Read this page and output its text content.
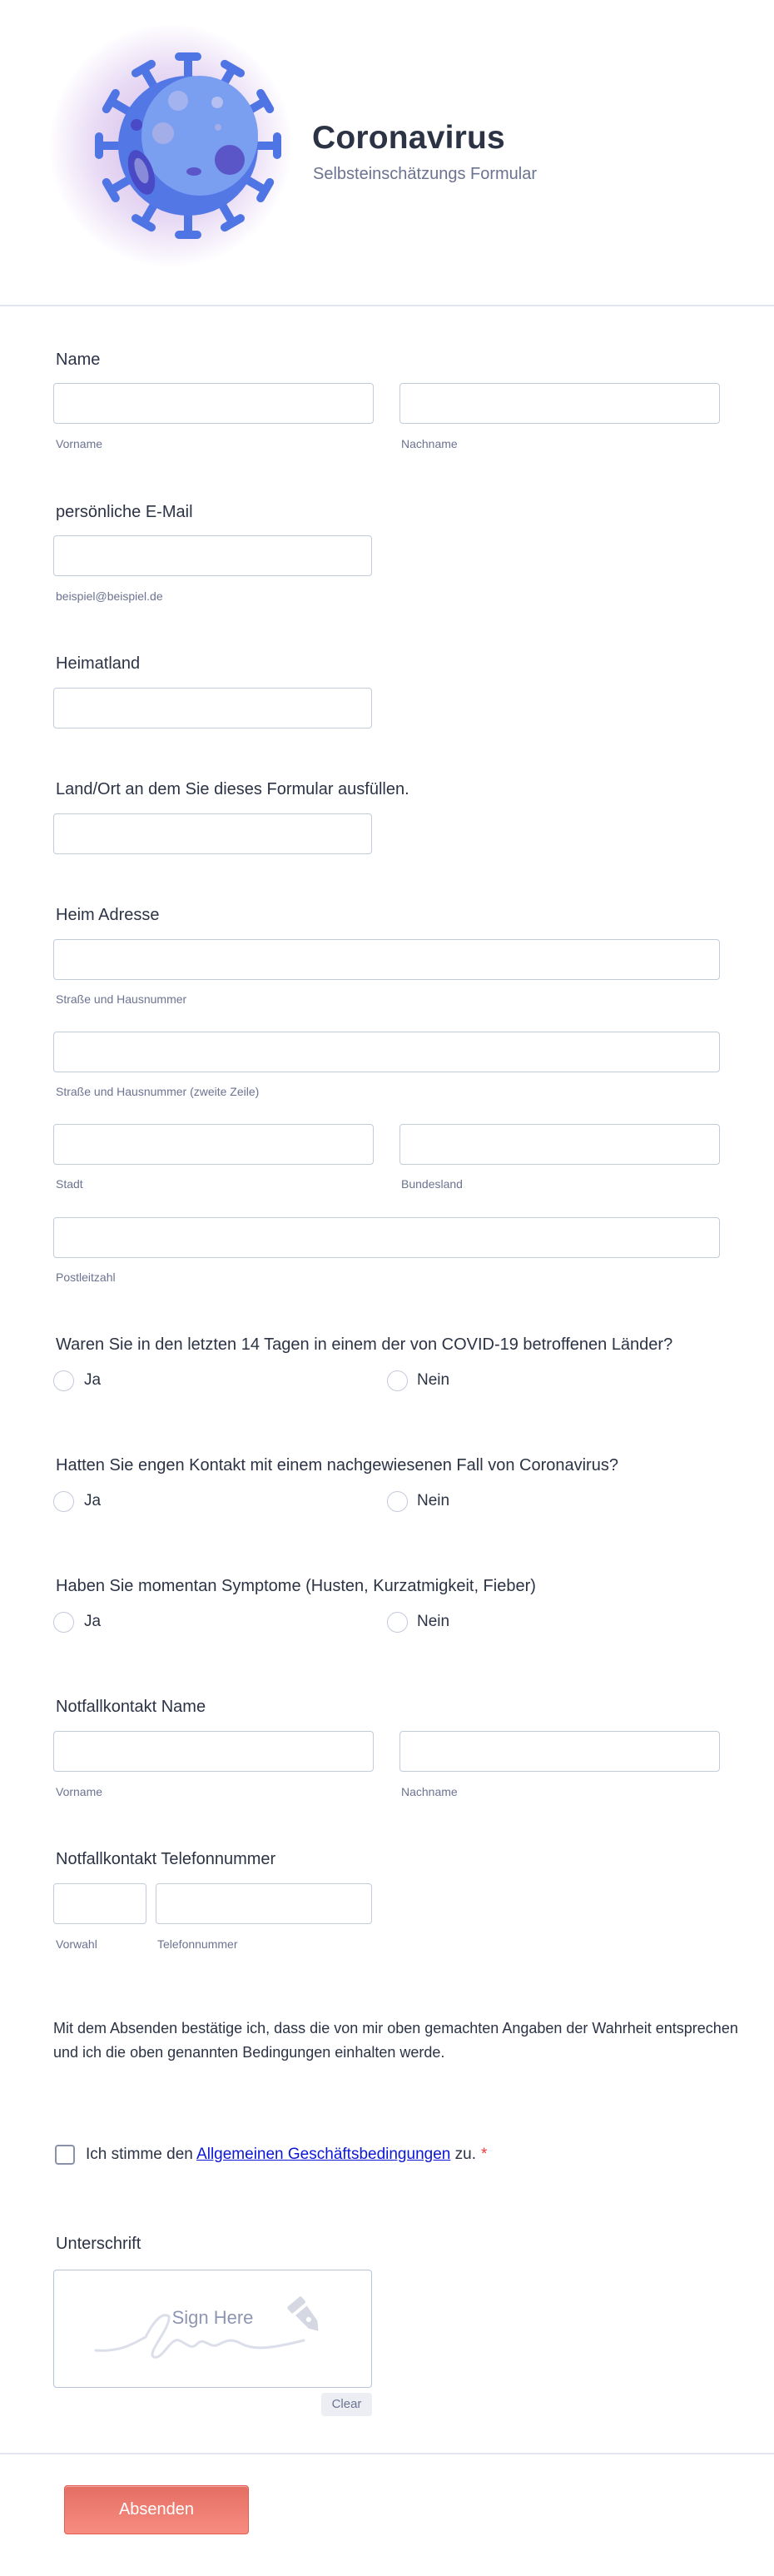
Coronavirus
Selbsteinschätzungs Formular
Name
Vorname	Nachname
persönliche E-Mail
beispiel@beispiel.de
Heimatland
Land/Ort an dem Sie dieses Formular ausfüllen.
Heim Adresse
Straße und Hausnummer
Straße und Hausnummer (zweite Zeile)
Stadt	Bundesland
Postleitzahl
Waren Sie in den letzten 14 Tagen in einem der von COVID-19 betroffenen Länder?
Ja	Nein
Hatten Sie engen Kontakt mit einem nachgewiesenen Fall von Coronavirus?
Ja	Nein
Haben Sie momentan Symptome (Husten, Kurzatmigkeit, Fieber)
Ja	Nein
Notfallkontakt Name
Vorname	Nachname
Notfallkontakt Telefonnummer
Vorwahl	Telefonnummer
Mit dem Absenden bestätige ich, dass die von mir oben gemachten Angaben der Wahrheit entsprechen und ich die oben genannten Bedingungen einhalten werde.
Ich stimme den Allgemeinen Geschäftsbedingungen zu. *
Unterschrift
Sign Here
Clear
Absenden
